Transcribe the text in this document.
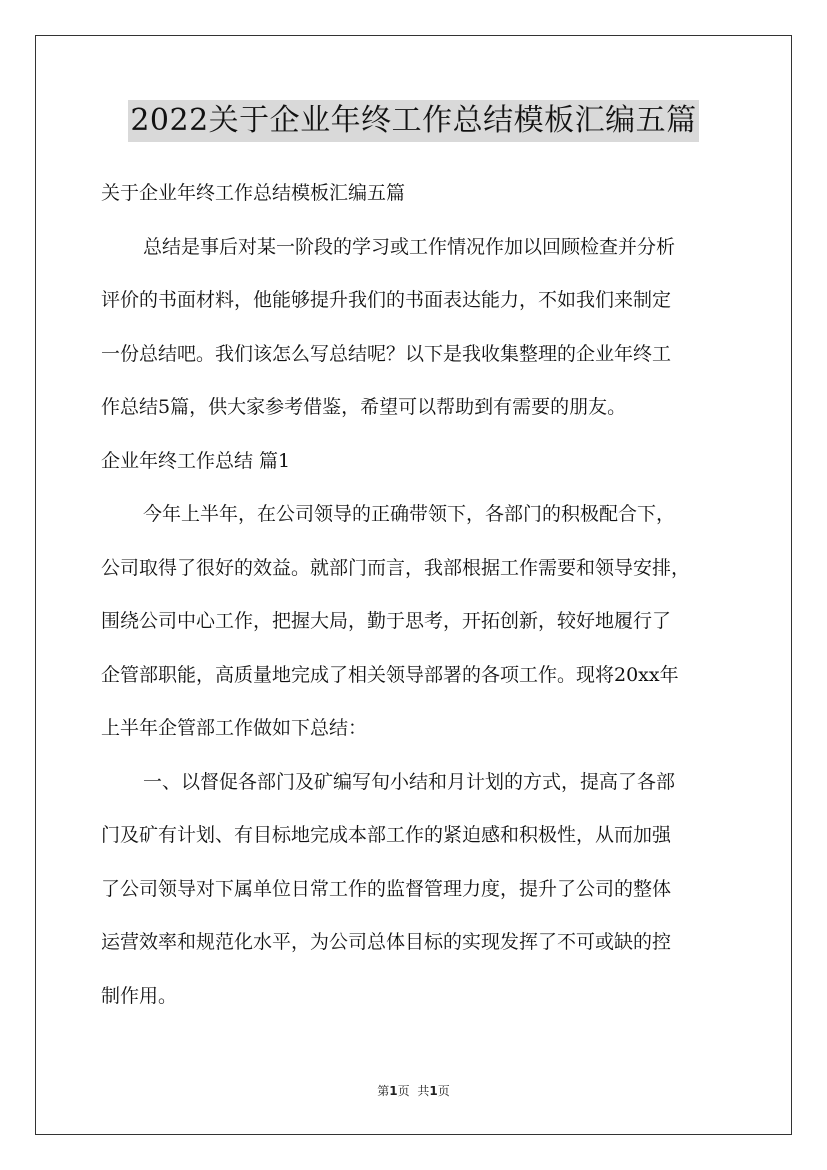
2022关于企业年终工作总结模板汇编五篇
关于企业年终工作总结模板汇编五篇
总结是事后对某一阶段的学习或工作情况作加以回顾检查并分析
评价的书面材料，他能够提升我们的书面表达能力，不如我们来制定
一份总结吧。我们该怎么写总结呢？以下是我收集整理的企业年终工
作总结5篇，供大家参考借鉴，希望可以帮助到有需要的朋友。
企业年终工作总结 篇1
今年上半年，在公司领导的正确带领下，各部门的积极配合下，
公司取得了很好的效益。就部门而言，我部根据工作需要和领导安排，
围绕公司中心工作，把握大局，勤于思考，开拓创新，较好地履行了
企管部职能，高质量地完成了相关领导部署的各项工作。现将20xx年
上半年企管部工作做如下总结：
一、以督促各部门及矿编写旬小结和月计划的方式，提高了各部
门及矿有计划、有目标地完成本部工作的紧迫感和积极性，从而加强
了公司领导对下属单位日常工作的监督管理力度，提升了公司的整体
运营效率和规范化水平，为公司总体目标的实现发挥了不可或缺的控
制作用。
第1页 共1页
